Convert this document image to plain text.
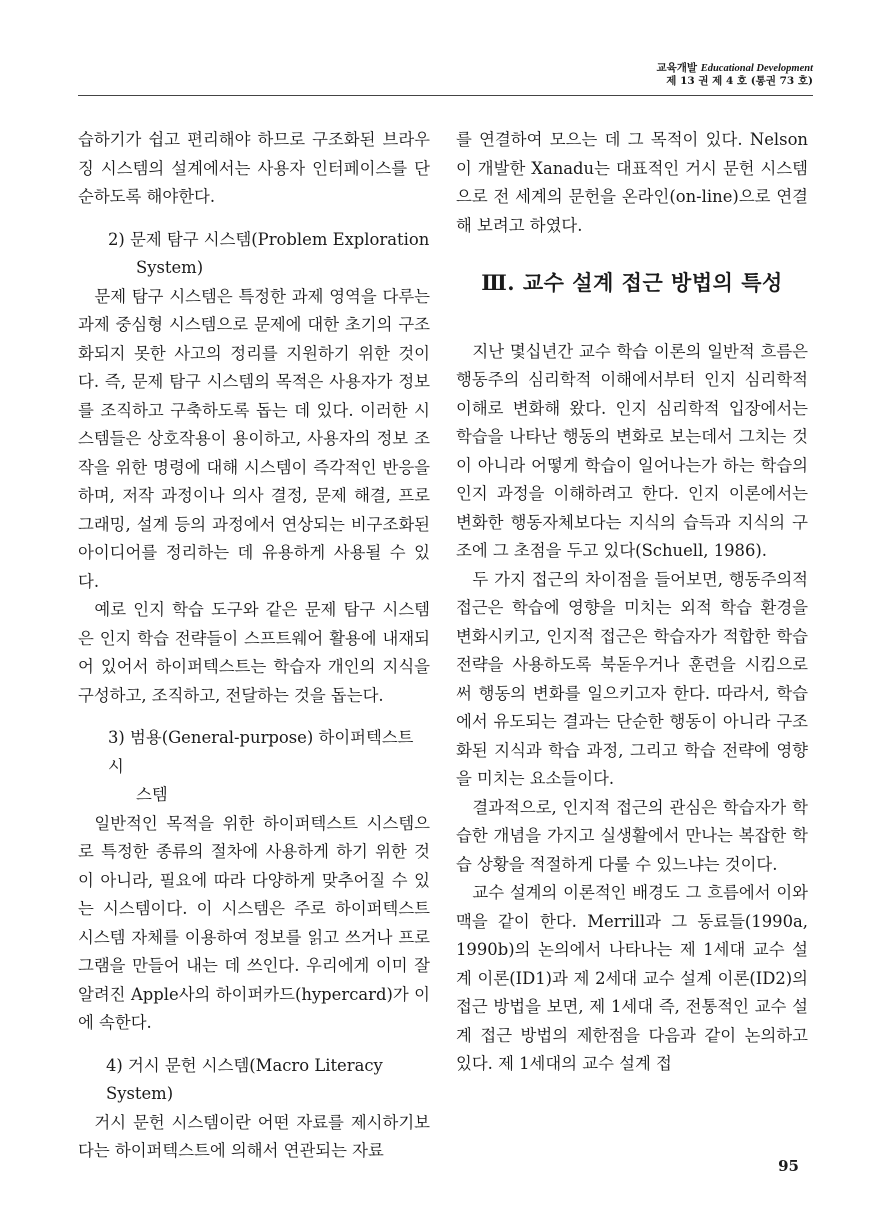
교육개발 Educational Development
제 13 권 제 4 호 (통권 73 호)

습하기가 쉽고 편리해야 하므로 구조화된 브라우징 시스템의 설계에서는 사용자 인터페이스를 단순하도록 해야한다.

2) 문제 탐구 시스템(Problem Exploration
System)

문제 탐구 시스템은 특정한 과제 영역을 다루는 과제 중심형 시스템으로 문제에 대한 초기의 구조화되지 못한 사고의 정리를 지원하기 위한 것이다. 즉, 문제 탐구 시스템의 목적은 사용자가 정보를 조직하고 구축하도록 돕는 데 있다. 이러한 시스템들은 상호작용이 용이하고, 사용자의 정보 조작을 위한 명령에 대해 시스템이 즉각적인 반응을 하며, 저작 과정이나 의사 결정, 문제 해결, 프로그래밍, 설계 등의 과정에서 연상되는 비구조화된 아이디어를 정리하는 데 유용하게 사용될 수 있다.

예로 인지 학습 도구와 같은 문제 탐구 시스템은 인지 학습 전략들이 스프트웨어 활용에 내재되어 있어서 하이퍼텍스트는 학습자 개인의 지식을 구성하고, 조직하고, 전달하는 것을 돕는다.

3) 범용(General-purpose) 하이퍼텍스트 시
스템

일반적인 목적을 위한 하이퍼텍스트 시스템으로 특정한 종류의 절차에 사용하게 하기 위한 것이 아니라, 필요에 따라 다양하게 맞추어질 수 있는 시스템이다. 이 시스템은 주로 하이퍼텍스트 시스템 자체를 이용하여 정보를 읽고 쓰거나 프로그램을 만들어 내는 데 쓰인다. 우리에게 이미 잘 알려진 Apple사의 하이퍼카드(hypercard)가 이에 속한다.

4) 거시 문헌 시스템(Macro Literacy System)

거시 문헌 시스템이란 어떤 자료를 제시하기보다는 하이퍼텍스트에 의해서 연관되는 자료

를 연결하여 모으는 데 그 목적이 있다. Nelson이 개발한 Xanadu는 대표적인 거시 문헌 시스템으로 전 세계의 문헌을 온라인(on-line)으로 연결해 보려고 하였다.

Ⅲ. 교수 설계 접근 방법의 특성

지난 몇십년간 교수 학습 이론의 일반적 흐름은 행동주의 심리학적 이해에서부터 인지 심리학적 이해로 변화해 왔다. 인지 심리학적 입장에서는 학습을 나타난 행동의 변화로 보는데서 그치는 것이 아니라 어떻게 학습이 일어나는가 하는 학습의 인지 과정을 이해하려고 한다. 인지 이론에서는 변화한 행동자체보다는 지식의 습득과 지식의 구조에 그 초점을 두고 있다(Schuell, 1986).

두 가지 접근의 차이점을 들어보면, 행동주의적 접근은 학습에 영향을 미치는 외적 학습 환경을 변화시키고, 인지적 접근은 학습자가 적합한 학습 전략을 사용하도록 북돋우거나 훈련을 시킴으로써 행동의 변화를 일으키고자 한다. 따라서, 학습에서 유도되는 결과는 단순한 행동이 아니라 구조화된 지식과 학습 과정, 그리고 학습 전략에 영향을 미치는 요소들이다.

결과적으로, 인지적 접근의 관심은 학습자가 학습한 개념을 가지고 실생활에서 만나는 복잡한 학습 상황을 적절하게 다룰 수 있느냐는 것이다.

교수 설계의 이론적인 배경도 그 흐름에서 이와 맥을 같이 한다. Merrill과 그 동료들(1990a, 1990b)의 논의에서 나타나는 제 1세대 교수 설계 이론(ID1)과 제 2세대 교수 설계 이론(ID2)의 접근 방법을 보면, 제 1세대 즉, 전통적인 교수 설계 접근 방법의 제한점을 다음과 같이 논의하고 있다. 제 1세대의 교수 설계 접

95
